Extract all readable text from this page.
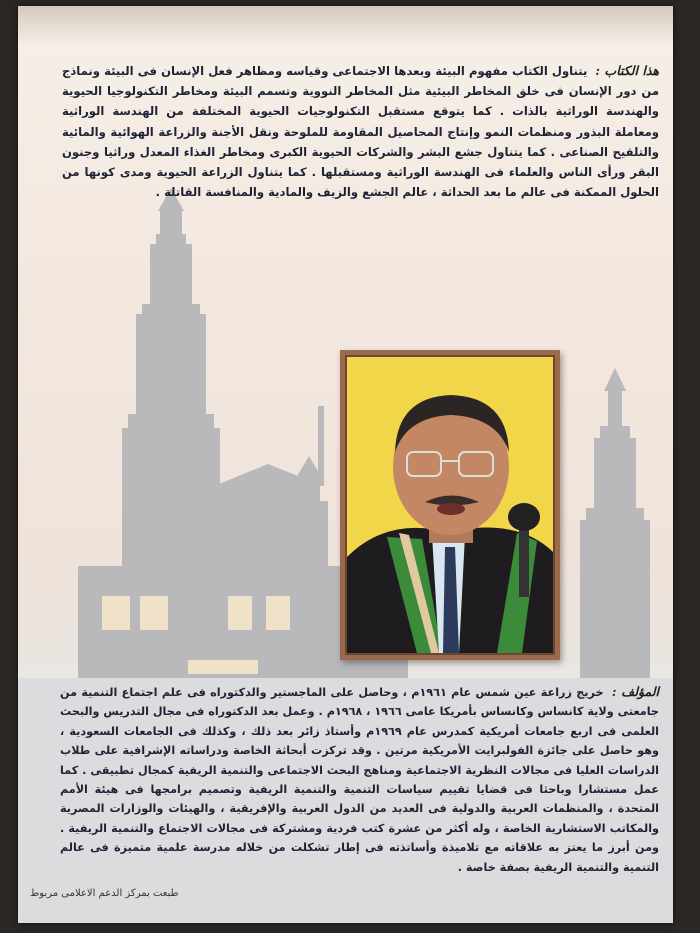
هذا الكتاب : يتناول الكتاب مفهوم البيئة وبعدها الاجتماعى وقياسه ومظاهر فعل الإنسان فى البيئة ونماذج من دور الإنسان فى خلق المخاطر البيئية مثل المخاطر النووية وتسمم البيئة ومخاطر التكنولوجيا الحيوية والهندسة الوراثية بالذات . كما يتوقع مستقبل التكنولوجيات الحيوية المختلفة من الهندسة الوراثية ومعاملة البذور ومنظمات النمو وإنتاج المحاصيل المقاومة للملوحة ونقل الأجنة والزراعة الهوائية والمائية والتلقيح الصناعى . كما يتناول جشع البشر والشركات الحيوية الكبرى ومخاطر الغذاء المعدل وراثيا وجنون البقر ورأى الناس والعلماء فى الهندسة الوراثية ومستقبلها . كما يتناول الزراعة الحيوية ومدى كونها من الحلول الممكنة فى عالم ما بعد الحداثة ، عالم الجشع والزيف والمادية والمنافسة القاتلة .
المؤلف : خريج زراعة عين شمس عام ١٩٦١م ، وحاصل على الماجستير والدكتوراه فى علم اجتماع التنمية من جامعتى ولاية كانساس وكانساس بأمريكا عامى ١٩٦٦ ، ١٩٦٨م . وعمل بعد الدكتوراه فى مجال التدريس والبحث العلمى فى اربع جامعات أمريكية كمدرس عام ١٩٦٩م وأستاذ زائر بعد ذلك ، وكذلك فى الجامعات السعودية ، وهو حاصل على جائزة الفولبرايت الأمريكية مرتين . وقد تركزت أبحاثة الخاصة ودراساته الإشرافية على طلاب الدراسات العليا فى مجالات النظرية الاجتماعية ومناهج البحث الاجتماعى والتنمية الريفية كمجال تطبيقى . كما عمل مستشارا وباحثا فى قضايا تقييم سياسات التنمية والتنمية الريفية وتصميم برامجها فى هيئة الأمم المتحدة ، والمنظمات العربية والدولية فى العديد من الدول العربية والإفريقية ، والهيئات والوزارات المصرية والمكاتب الاستشارية الخاصة ، وله أكثر من عشرة كتب فردية ومشتركة فى مجالات الاجتماع والتنمية الريفية . ومن أبرز ما يعتز به علاقاته مع تلاميذة وأساتذته فى إطار تشكلت من خلاله مدرسة علمية متميزة فى عالم التنمية والتنمية الريفية بصفة خاصة .
طبعت بمركز الدعم الاعلامى مربوط
